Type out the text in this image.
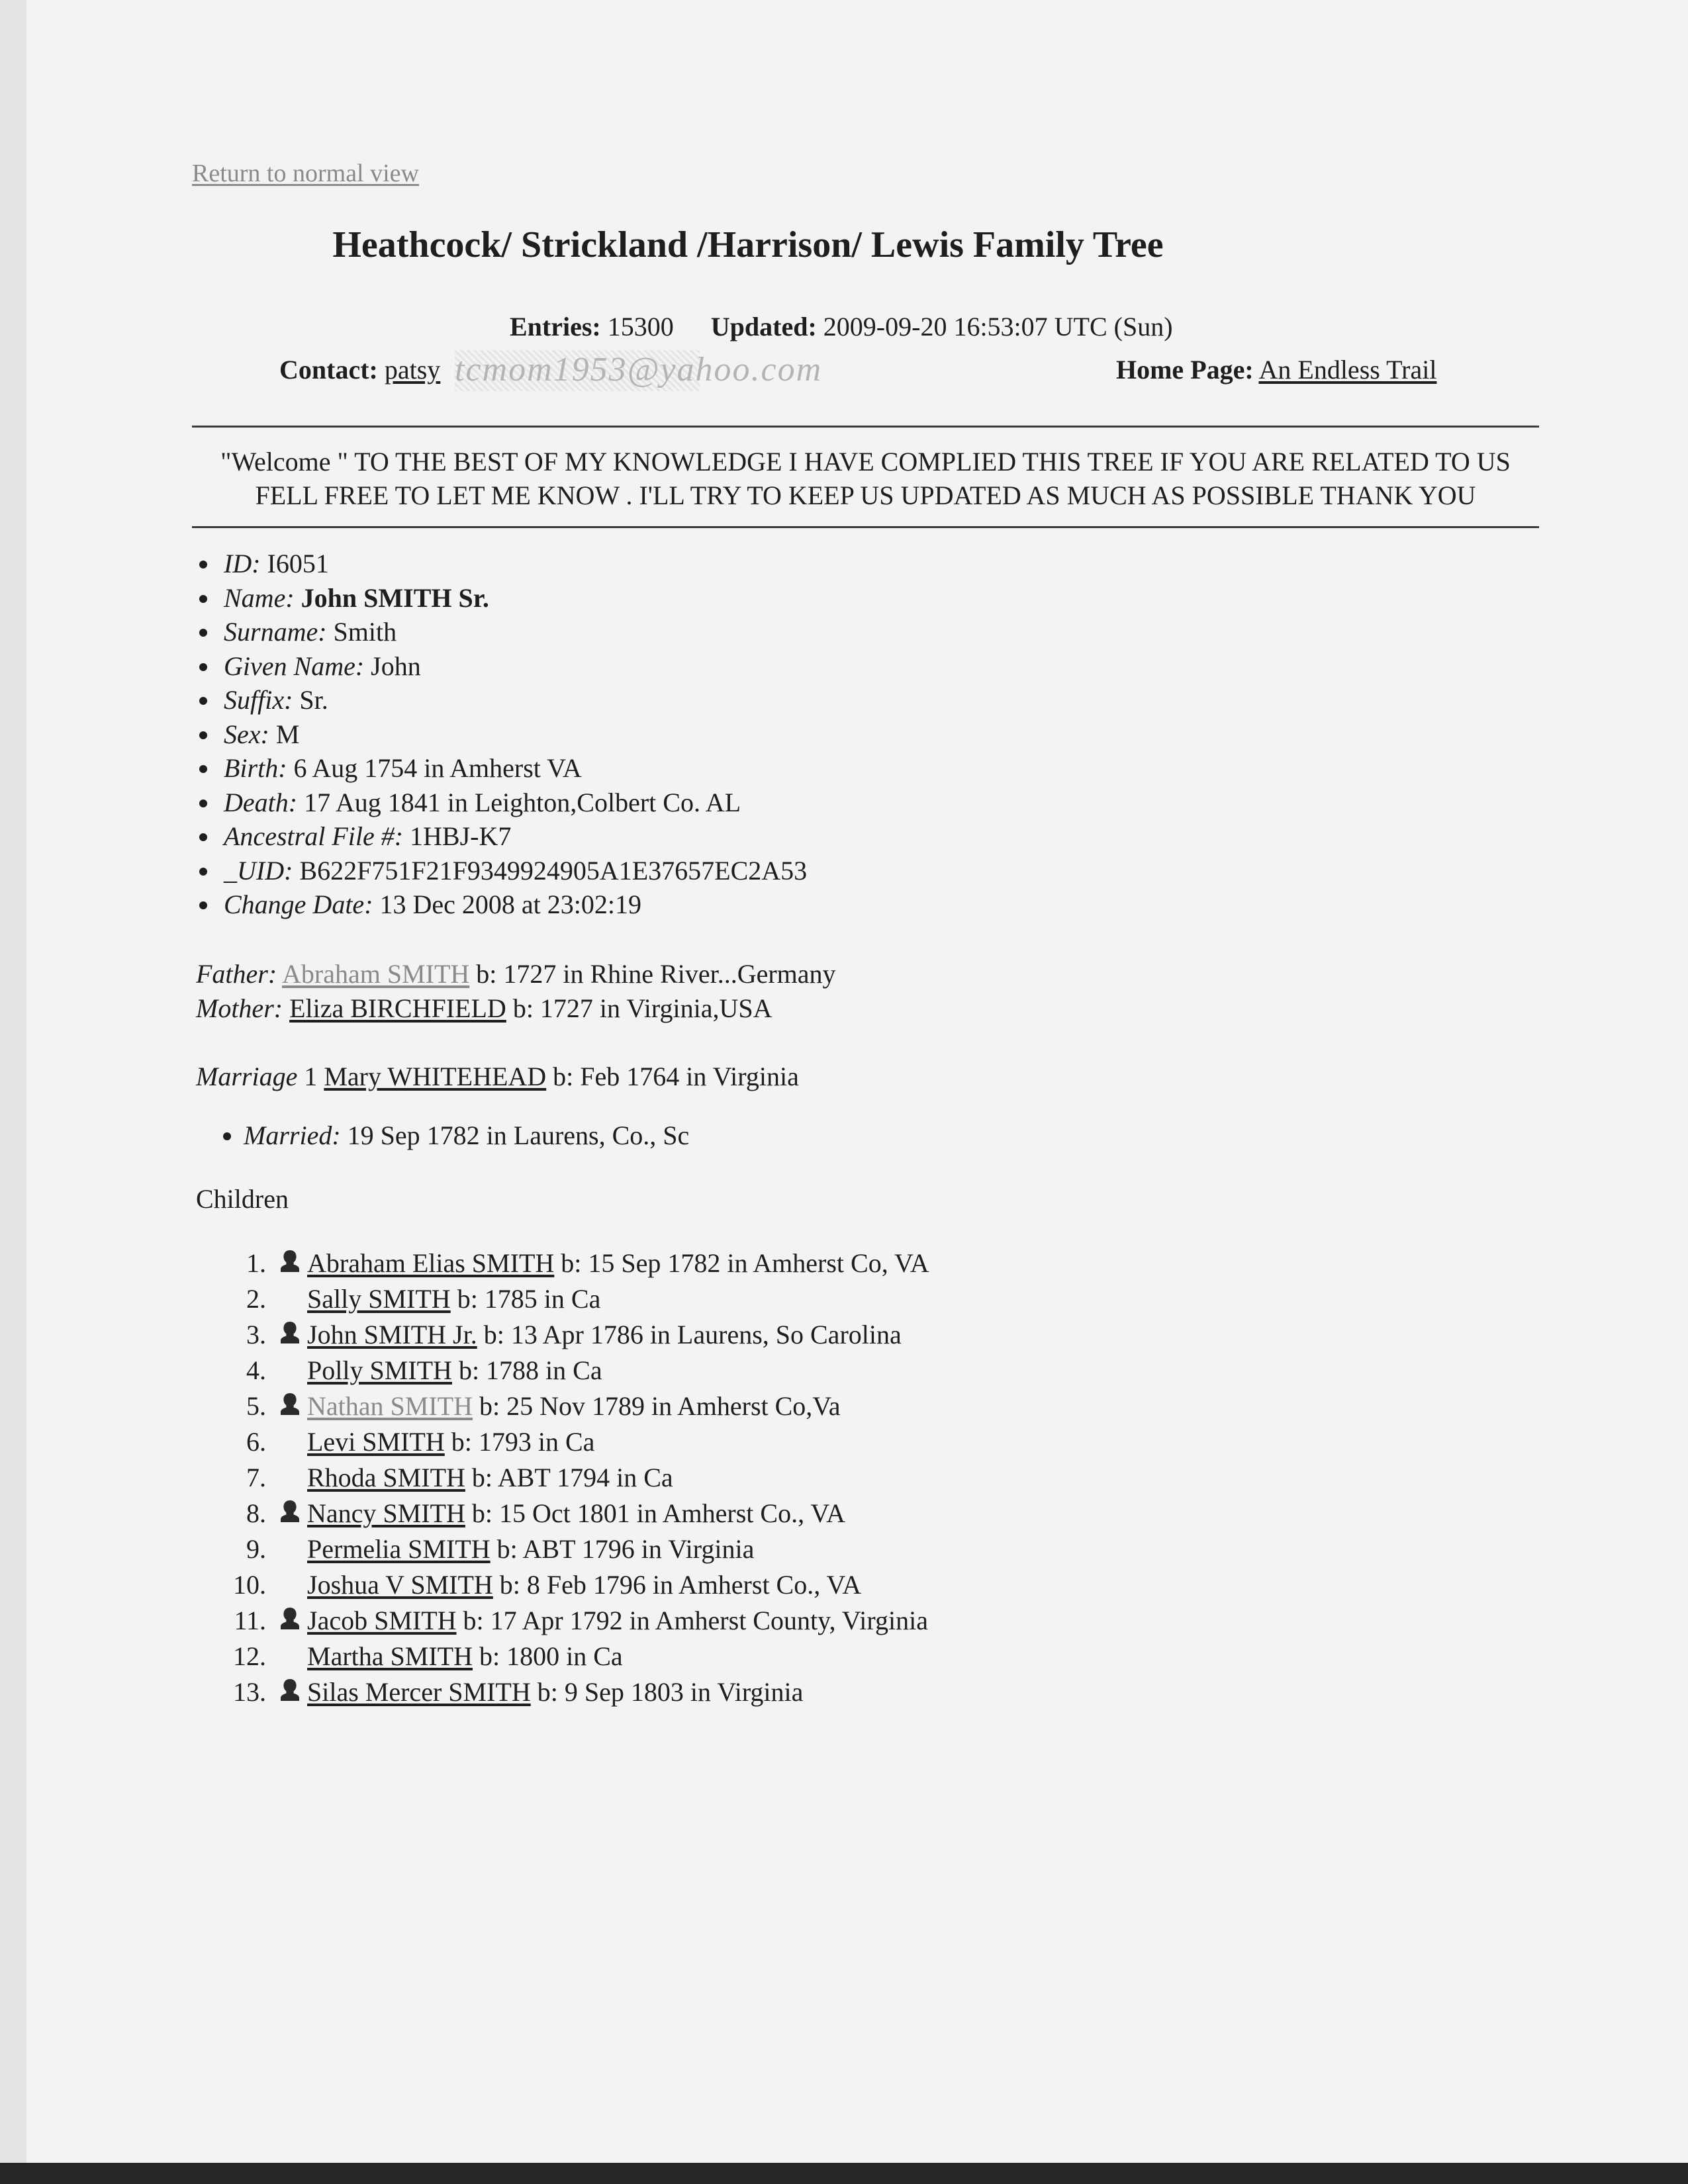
Return to normal view
Heathcock/ Strickland /Harrison/ Lewis Family Tree
Entries: 15300 Updated: 2009-09-20 16:53:07 UTC (Sun)
Contact: patsy tcmom1953@yahoo.com	Home Page: An Endless Trail
"Welcome " TO THE BEST OF MY KNOWLEDGE I HAVE COMPLIED THIS TREE IF YOU ARE RELATED TO US FELL FREE TO LET ME KNOW . I'LL TRY TO KEEP US UPDATED AS MUCH AS POSSIBLE THANK YOU
• ID: I6051
• Name: John SMITH Sr.
• Surname: Smith
• Given Name: John
• Suffix: Sr.
• Sex: M
• Birth: 6 Aug 1754 in Amherst VA
• Death: 17 Aug 1841 in Leighton,Colbert Co. AL
• Ancestral File #: 1HBJ-K7
• _UID: B622F751F21F9349924905A1E37657EC2A53
• Change Date: 13 Dec 2008 at 23:02:19
Father: Abraham SMITH b: 1727 in Rhine River...Germany
Mother: Eliza BIRCHFIELD b: 1727 in Virginia,USA
Marriage 1 Mary WHITEHEAD b: Feb 1764 in Virginia
• Married: 19 Sep 1782 in Laurens, Co., Sc
Children
1. Abraham Elias SMITH b: 15 Sep 1782 in Amherst Co, VA
2. Sally SMITH b: 1785 in Ca
3. John SMITH Jr. b: 13 Apr 1786 in Laurens, So Carolina
4. Polly SMITH b: 1788 in Ca
5. Nathan SMITH b: 25 Nov 1789 in Amherst Co,Va
6. Levi SMITH b: 1793 in Ca
7. Rhoda SMITH b: ABT 1794 in Ca
8. Nancy SMITH b: 15 Oct 1801 in Amherst Co., VA
9. Permelia SMITH b: ABT 1796 in Virginia
10. Joshua V SMITH b: 8 Feb 1796 in Amherst Co., VA
11. Jacob SMITH b: 17 Apr 1792 in Amherst County, Virginia
12. Martha SMITH b: 1800 in Ca
13. Silas Mercer SMITH b: 9 Sep 1803 in Virginia
